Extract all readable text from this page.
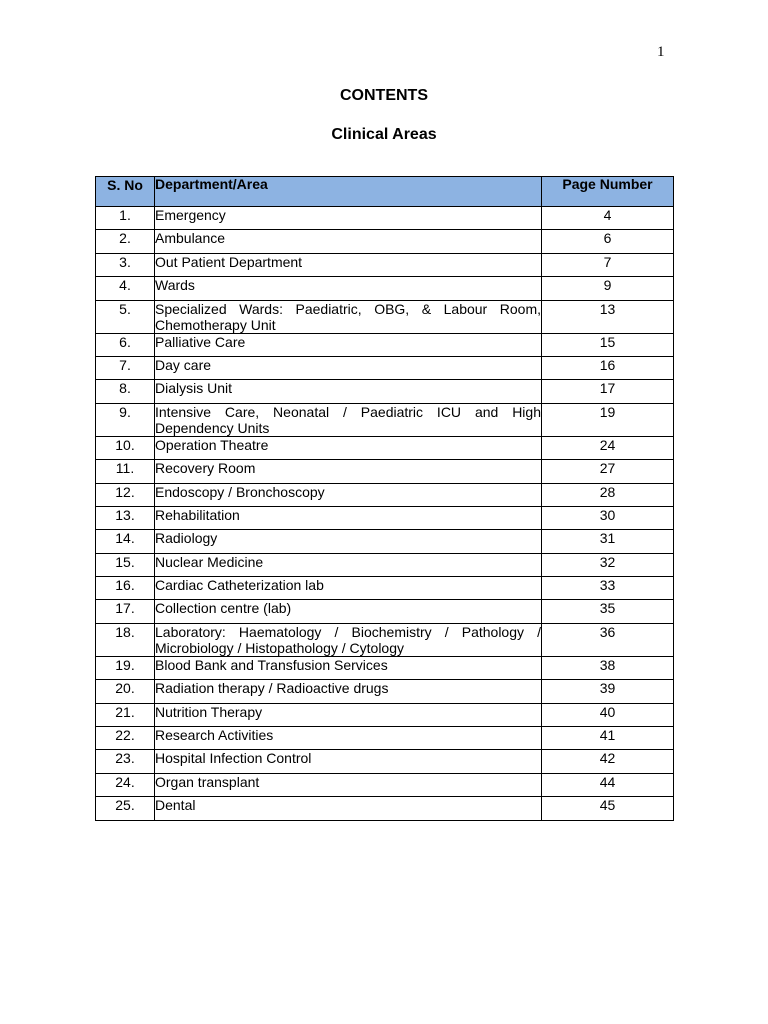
1
CONTENTS
Clinical Areas
S. No	Department/Area	Page Number
1.	Emergency	4
2.	Ambulance	6
3.	Out Patient Department	7
4.	Wards	9
5.	Specialized Wards: Paediatric, OBG, & Labour Room, Chemotherapy Unit	13
6.	Palliative Care	15
7.	Day care	16
8.	Dialysis Unit	17
9.	Intensive Care, Neonatal / Paediatric ICU and High Dependency Units	19
10.	Operation Theatre	24
11.	Recovery Room	27
12.	Endoscopy / Bronchoscopy	28
13.	Rehabilitation	30
14.	Radiology	31
15.	Nuclear Medicine	32
16.	Cardiac Catheterization lab	33
17.	Collection centre (lab)	35
18.	Laboratory: Haematology / Biochemistry / Pathology / Microbiology / Histopathology / Cytology	36
19.	Blood Bank and Transfusion Services	38
20.	Radiation therapy / Radioactive drugs	39
21.	Nutrition Therapy	40
22.	Research Activities	41
23.	Hospital Infection Control	42
24.	Organ transplant	44
25.	Dental	45
